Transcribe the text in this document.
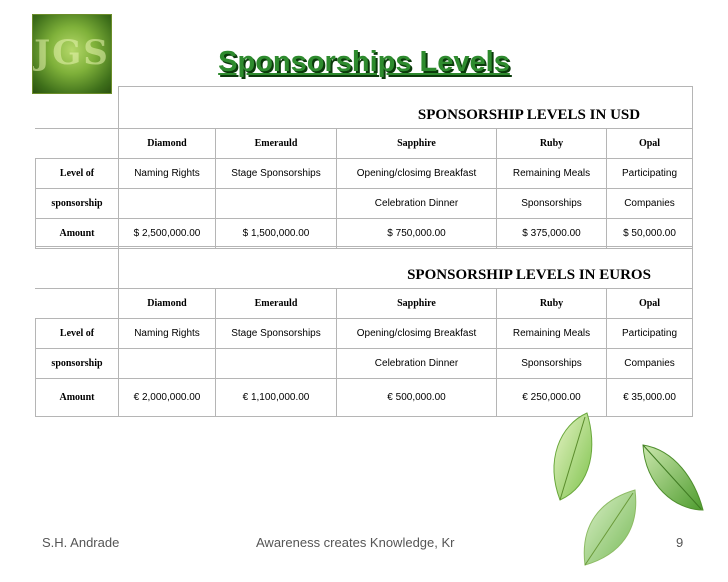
JGS	Sponsorships Levels
	SPONSORSHIP LEVELS IN USD				
	Diamond	Emerauld	Sapphire	Ruby	Opal
Level of	Naming Rights	Stage Sponsorships	Opening/closimg Breakfast	Remaining Meals	Participating
sponsorship			Celebration Dinner	Sponsorships	Companies
Amount	$ 2,500,000.00	$ 1,500,000.00	$ 750,000.00	$ 375,000.00	$ 50,000.00
	SPONSORSHIP LEVELS IN EUROS				
	Diamond	Emerauld	Sapphire	Ruby	Opal
Level of	Naming Rights	Stage Sponsorships	Opening/closimg Breakfast	Remaining Meals	Participating
sponsorship			Celebration Dinner	Sponsorships	Companies
Amount	€ 2,000,000.00	€ 1,100,000.00	€ 500,000.00	€ 250,000.00	€ 35,000.00
S.H. Andrade	Awareness creates Knowledge, Kr	9
